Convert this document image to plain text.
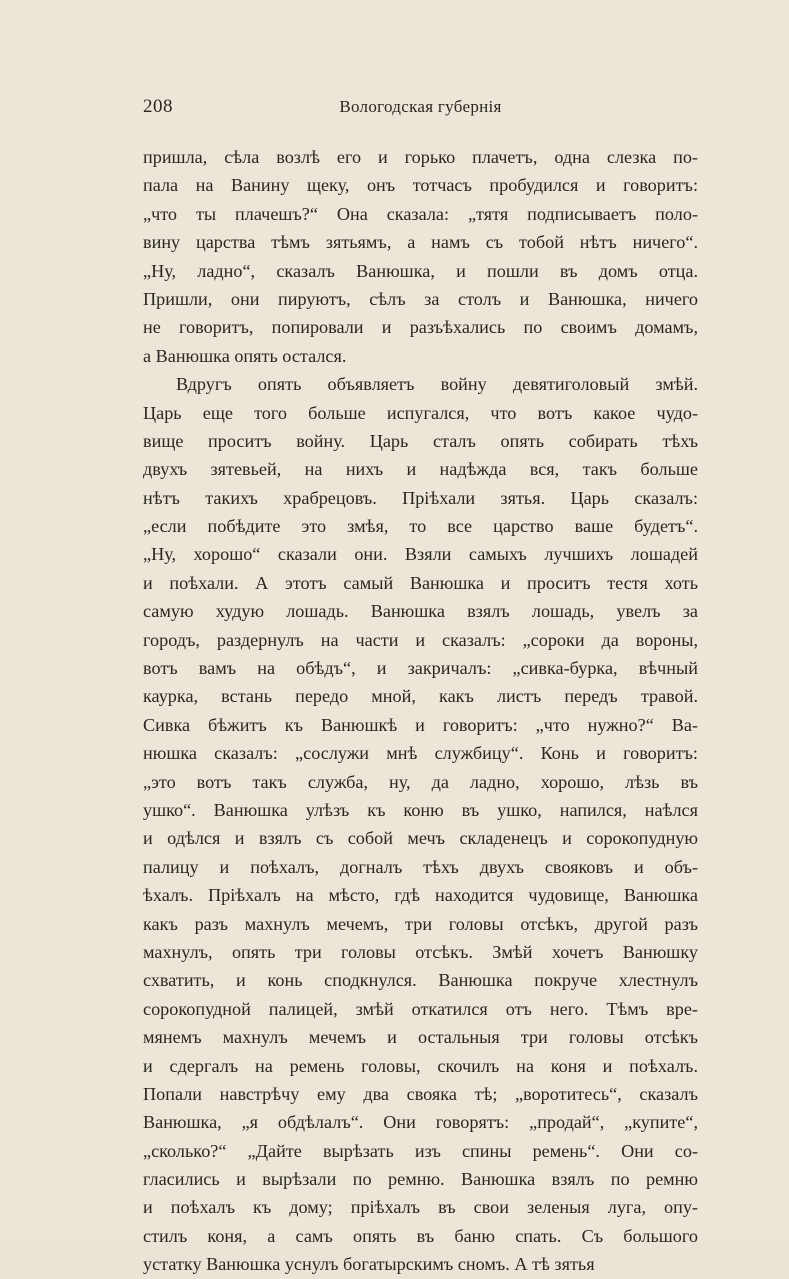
208	Вологодская губернія
пришла, сѣла возлѣ его и горько плачетъ, одна слезка по-
пала на Ванину щеку, онъ тотчасъ пробудился и говоритъ:
„что ты плачешъ?“ Она сказала: „тятя подписываетъ поло-
вину царства тѣмъ зятьямъ, а намъ съ тобой нѣтъ ничего“.
„Ну, ладно“, сказалъ Ванюшка, и пошли въ домъ отца.
Пришли, они пируютъ, сѣлъ за столъ и Ванюшка, ничего
не говоритъ, попировали и разъѣхались по своимъ домамъ,
а Ванюшка опять остался.
Вдругъ опять объявляетъ войну девятиголовый змѣй.
Царь еще того больше испугался, что вотъ какое чудо-
вище проситъ войну. Царь сталъ опять собирать тѣхъ
двухъ зятевьей, на нихъ и надѣжда вся, такъ больше
нѣтъ такихъ храбрецовъ. Пріѣхали зятья. Царь сказалъ:
„если побѣдите это змѣя, то все царство ваше будетъ“.
„Ну, хорошо“ сказали они. Взяли самыхъ лучшихъ лошадей
и поѣхали. А этотъ самый Ванюшка и проситъ тестя хоть
самую худую лошадь. Ванюшка взялъ лошадь, увелъ за
городъ, раздернулъ на части и сказалъ: „сороки да вороны,
вотъ вамъ на обѣдъ“, и закричалъ: „сивка-бурка, вѣчный
каурка, встань передо мной, какъ листъ передъ травой.
Сивка бѣжитъ къ Ванюшкѣ и говоритъ: „что нужно?“ Ва-
нюшка сказалъ: „сослужи мнѣ службицу“. Конь и говоритъ:
„это вотъ такъ служба, ну, да ладно, хорошо, лѣзь въ
ушко“. Ванюшка улѣзъ къ коню въ ушко, напился, наѣлся
и одѣлся и взялъ съ собой мечъ складенецъ и сорокопудную
палицу и поѣхалъ, догналъ тѣхъ двухъ свояковъ и объ-
ѣхалъ. Пріѣхалъ на мѣсто, гдѣ находится чудовище, Ванюшка
какъ разъ махнулъ мечемъ, три головы отсѣкъ, другой разъ
махнулъ, опять три головы отсѣкъ. Змѣй хочетъ Ванюшку
схватить, и конь сподкнулся. Ванюшка покруче хлестнулъ
сорокопудной палицей, змѣй откатился отъ него. Тѣмъ вре-
мянемъ махнулъ мечемъ и остальныя три головы отсѣкъ
и сдергалъ на ремень головы, скочилъ на коня и поѣхалъ.
Попали навстрѣчу ему два свояка тѣ; „воротитесь“, сказалъ
Ванюшка, „я обдѣлалъ“. Они говорятъ: „продай“, „купите“,
„сколько?“ „Дайте вырѣзать изъ спины ремень“. Они со-
гласились и вырѣзали по ремню. Ванюшка взялъ по ремню
и поѣхалъ къ дому; пріѣхалъ въ свои зеленыя луга, опу-
стилъ коня, а самъ опять въ баню спать. Съ большого
устатку Ванюшка уснулъ богатырскимъ сномъ. А тѣ зятья
